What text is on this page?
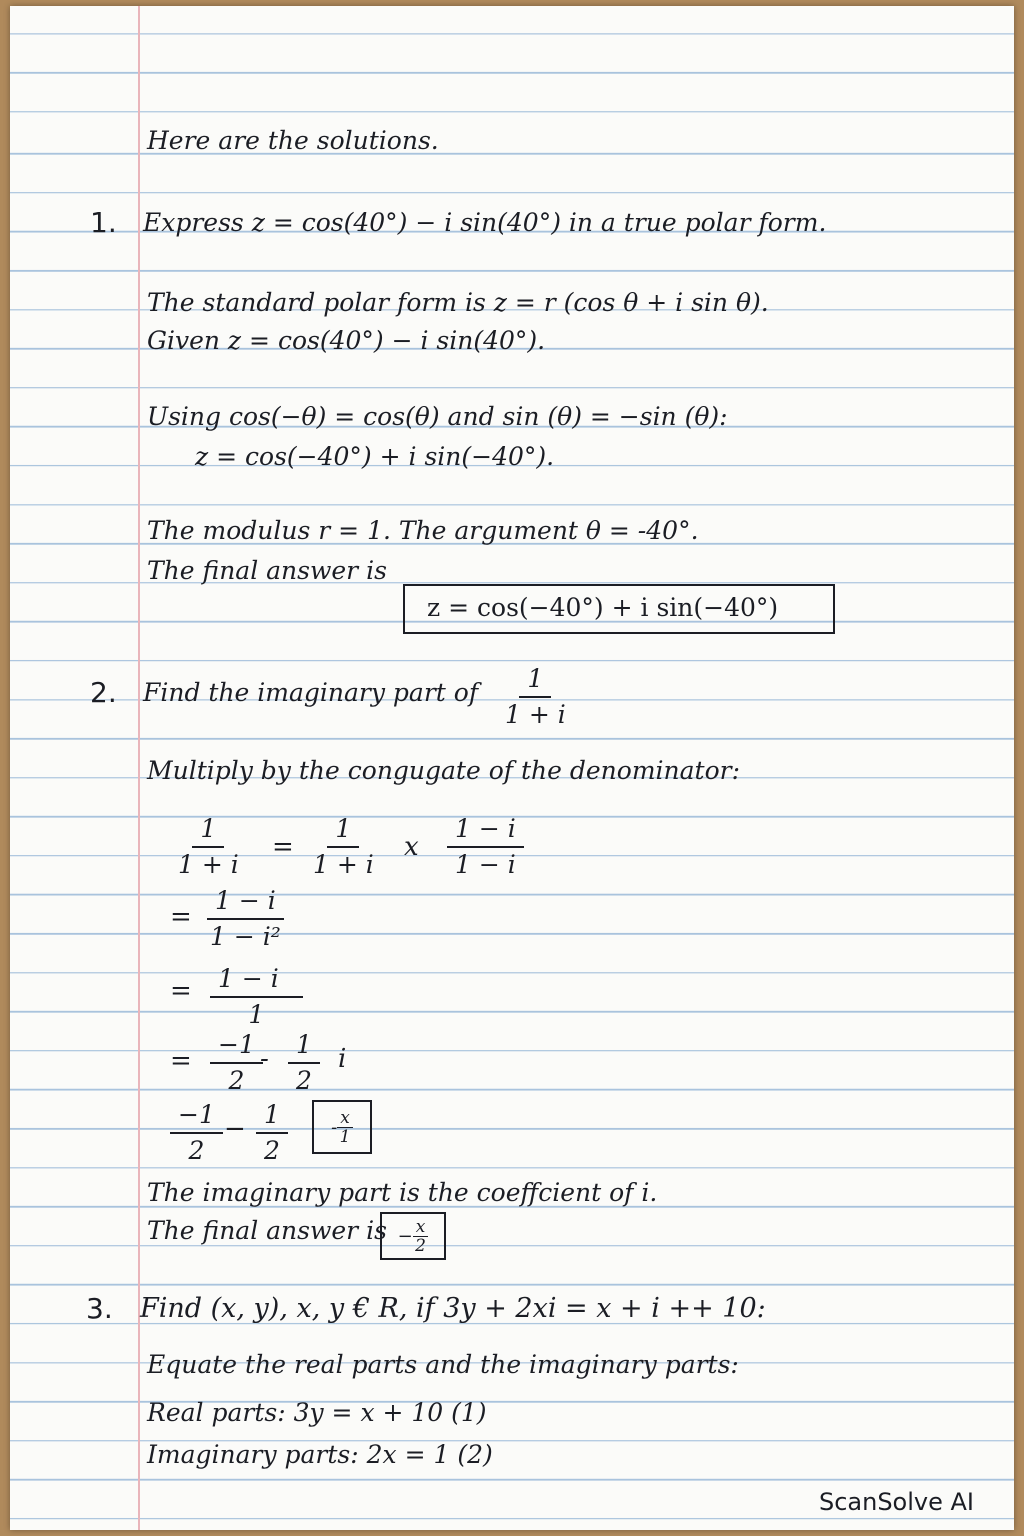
Here are the solutions.
1. Express z = cos(40°) − i sin(40°) in a true polar form.
The standard polar form is z = r (cos θ + i sin θ).
Given z = cos(40°) − i sin(40°).
Using cos(−θ) = cos(θ) and sin (θ) = −sin (θ):
z = cos(−40°) + i sin(−40°).
The modulus r = 1. The argument θ = -40°.
The final answer is
z = cos(−40°) + i sin(−40°)
2. Find the imaginary part of $\frac{1}{1 + i}$
Multiply by the congugate of the denominator:
$\frac{1}{1 + i} = \frac{1}{1 + i}$ x $\frac{1 - i}{1 - i}$
= $\frac{1 - i}{\text{1 − i²}}$
= $\frac{1 - i}{1}$
= $\frac{-1}{2}$
- $\frac{1}{2}$ i
$\frac{-1}{2} - \frac{1}{2} - \frac{x}{1}$
The imaginary part is the coeffcient of i.
The final answer is − $\frac{x}{2}$
3. Find (x, y), x, y € R, if 3y + 2xi = x + i ++ 10:
Equate the real parts and the imaginary parts:
Real parts: 3y = x + 10 (1)
Imaginary parts: 2x = 1 (2)
ScanSolve AI
